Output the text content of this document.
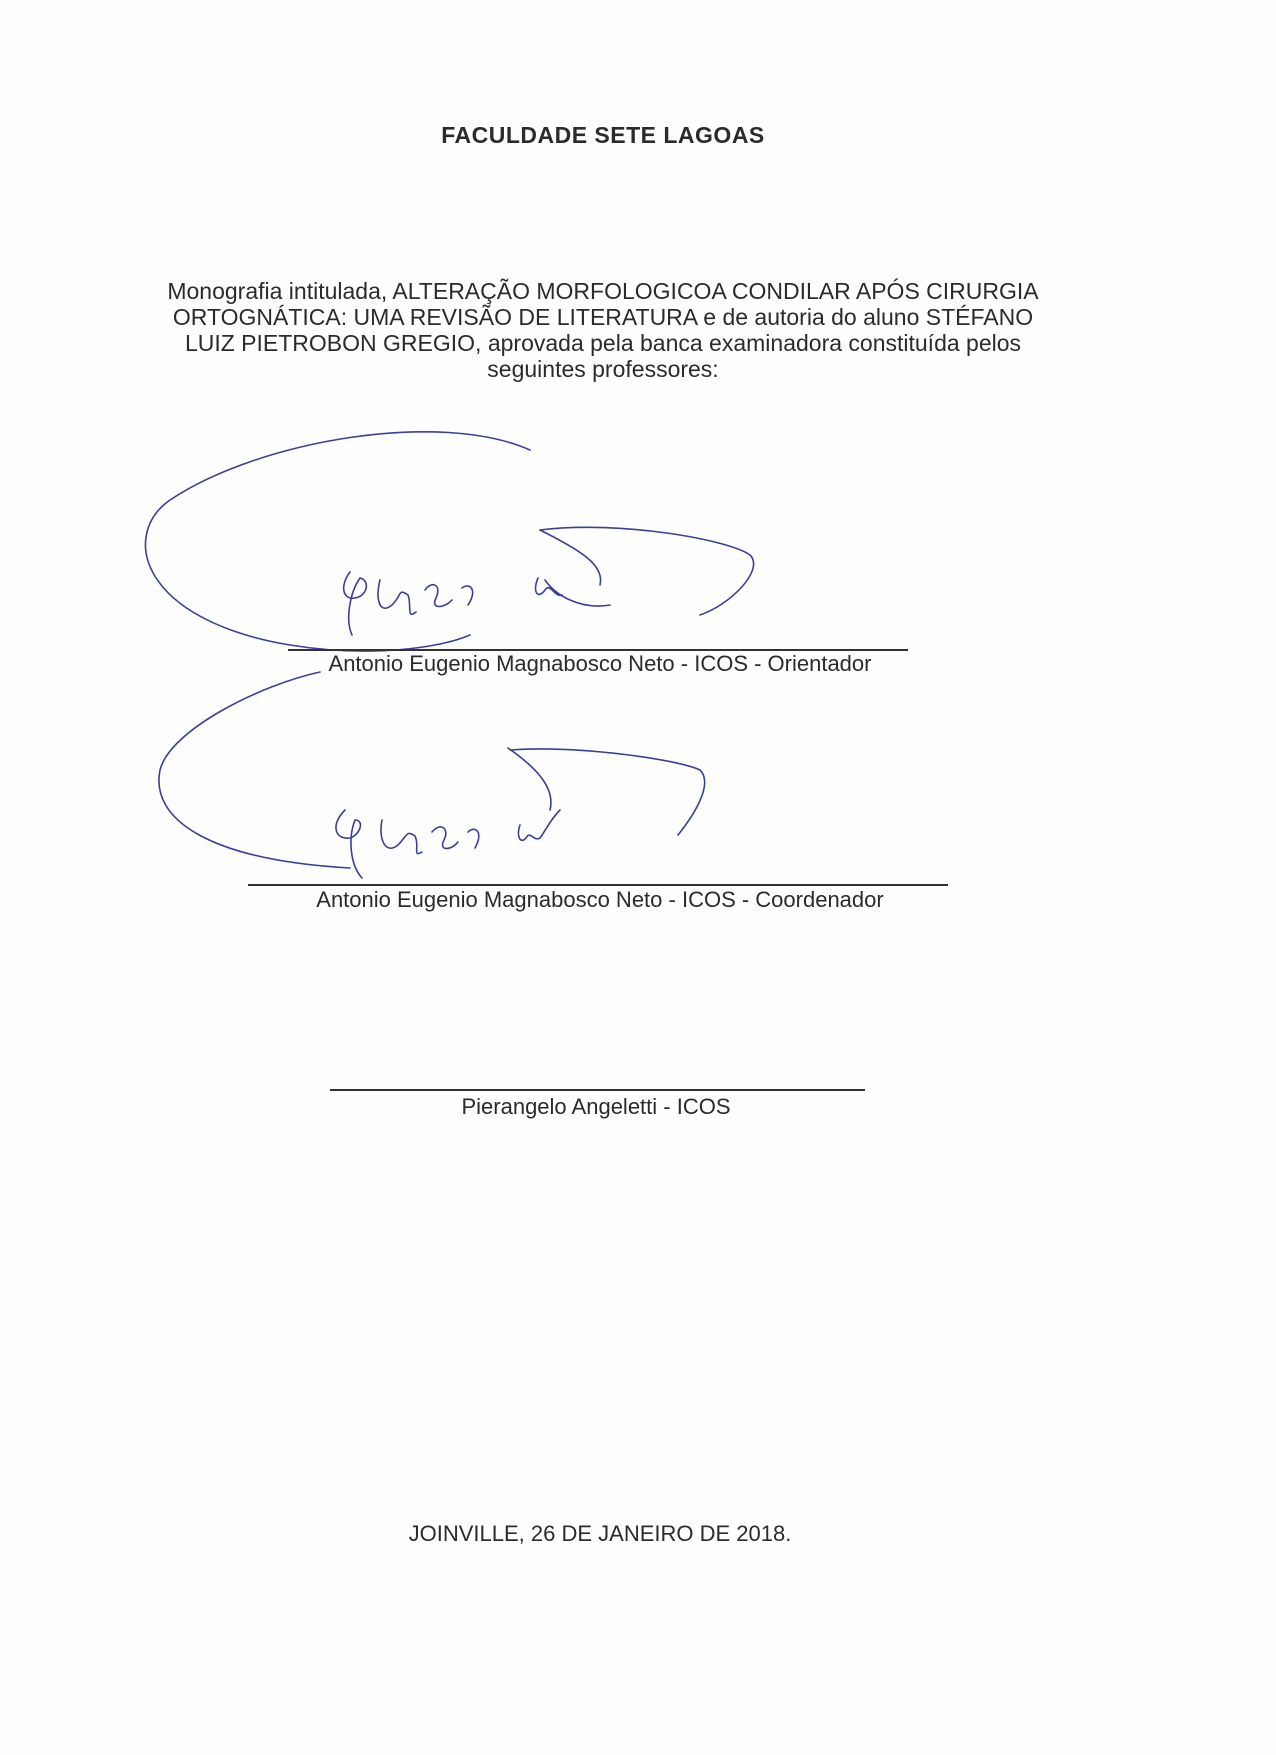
FACULDADE SETE LAGOAS
Monografia intitulada, ALTERAÇÃO MORFOLOGICOA CONDILAR APÓS CIRURGIA ORTOGNÁTICA: UMA REVISÃO DE LITERATURA e de autoria do aluno STÉFANO LUIZ PIETROBON GREGIO, aprovada pela banca examinadora constituída pelos seguintes professores:
Antonio Eugenio Magnabosco Neto - ICOS - Orientador
Antonio Eugenio Magnabosco Neto - ICOS - Coordenador
Pierangelo Angeletti - ICOS
JOINVILLE, 26 DE JANEIRO DE 2018.
